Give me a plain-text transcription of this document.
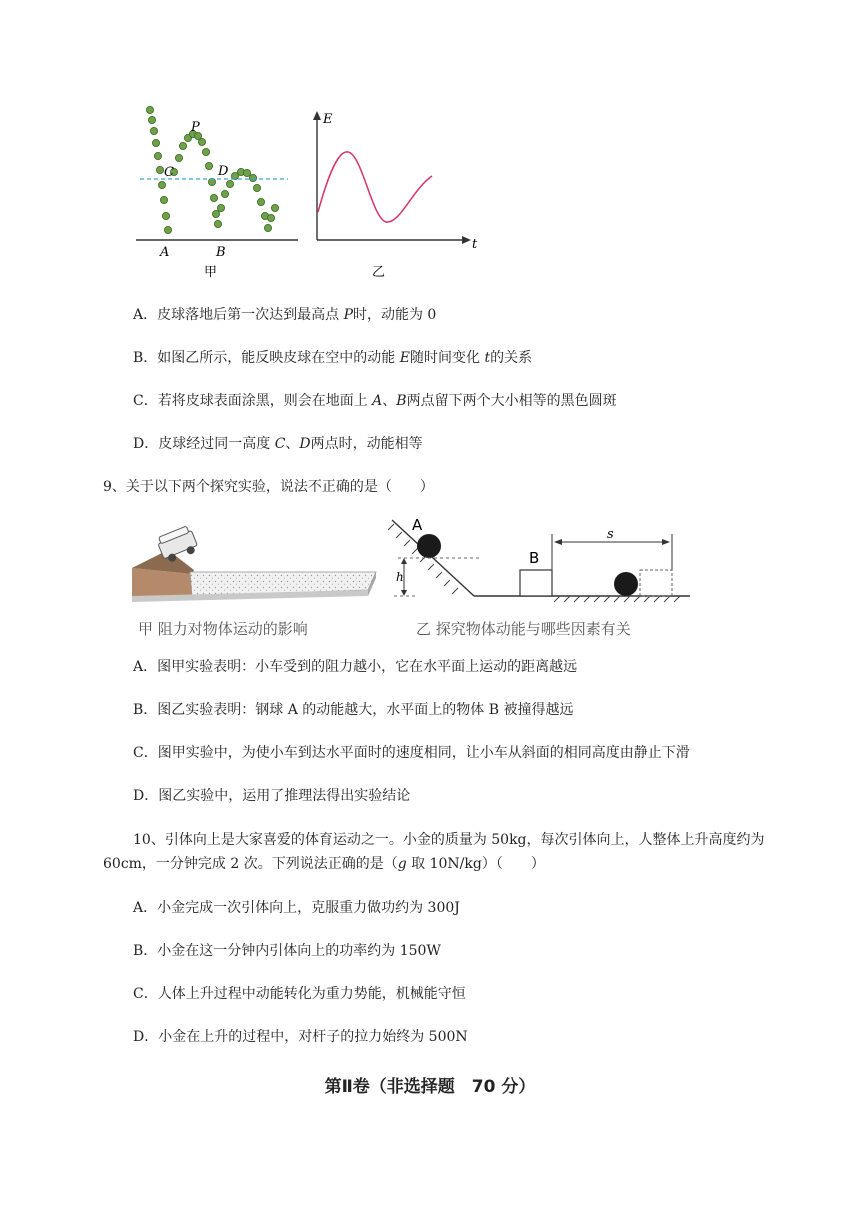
P
C	D
A	B
甲
E
t
乙
A．皮球落地后第一次达到最高点 P时，动能为 0
B．如图乙所示，能反映皮球在空中的动能 E随时间变化 t的关系
C．若将皮球表面涂黑，则会在地面上 A、B两点留下两个大小相等的黑色圆斑
D．皮球经过同一高度 C、D两点时，动能相等
9、关于以下两个探究实验，说法不正确的是（　　）
甲 阻力对物体运动的影响
A
h
B
s
乙 探究物体动能与哪些因素有关
A．图甲实验表明：小车受到的阻力越小，它在水平面上运动的距离越远
B．图乙实验表明：钢球 A 的动能越大，水平面上的物体 B 被撞得越远
C．图甲实验中，为使小车到达水平面时的速度相同，让小车从斜面的相同高度由静止下滑
D．图乙实验中，运用了推理法得出实验结论
10、引体向上是大家喜爱的体育运动之一。小金的质量为 50kg，每次引体向上，人整体上升高度约为 60cm，一分钟完成 2 次。下列说法正确的是（g 取 10N/kg）（　　）
A．小金完成一次引体向上，克服重力做功约为 300J
B．小金在这一分钟内引体向上的功率约为 150W
C．人体上升过程中动能转化为重力势能，机械能守恒
D．小金在上升的过程中，对杆子的拉力始终为 500N
第Ⅱ卷（非选择题　70 分）
